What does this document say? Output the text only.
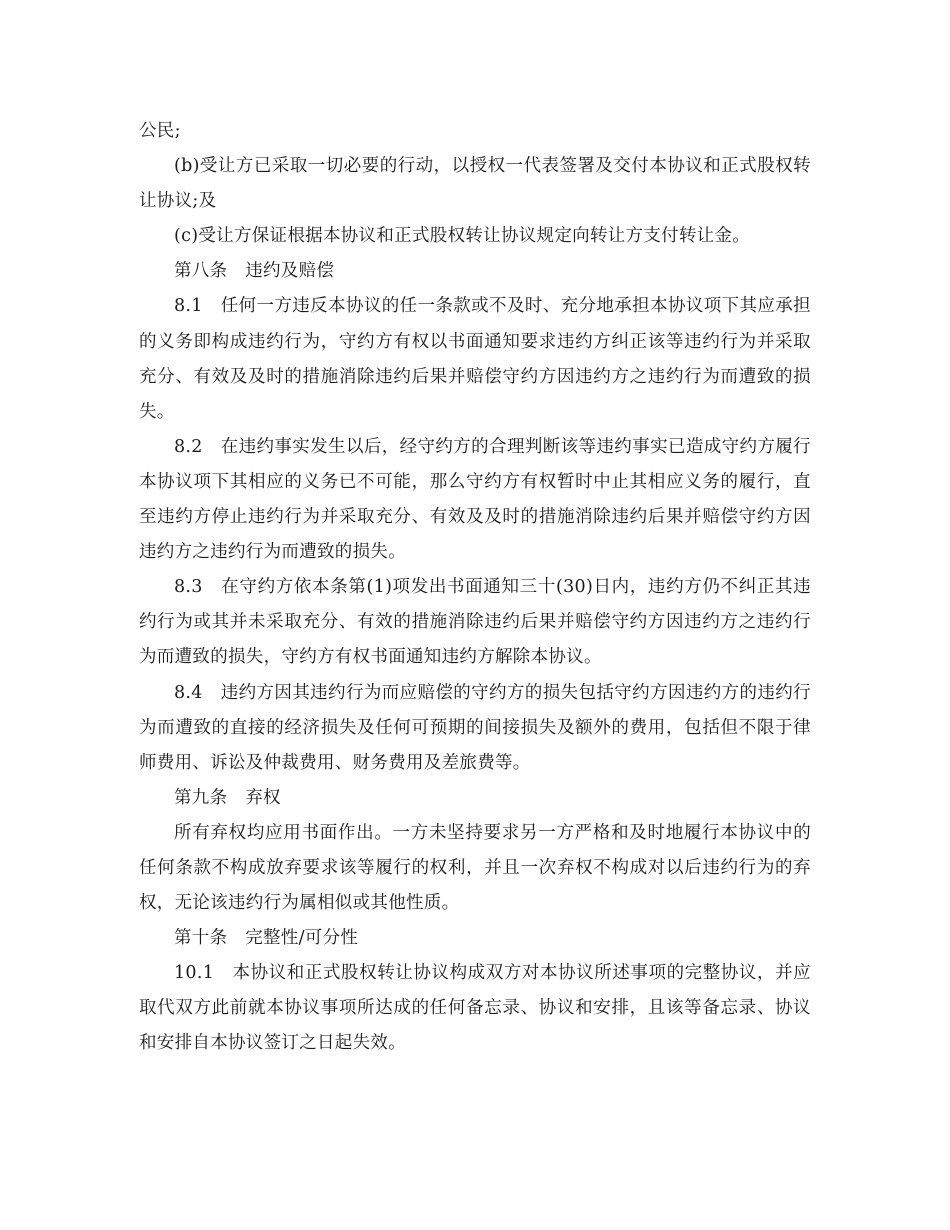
公民;

(b)受让方已采取一切必要的行动，以授权一代表签署及交付本协议和正式股权转让协议;及

(c)受让方保证根据本协议和正式股权转让协议规定向转让方支付转让金。

第八条　违约及赔偿

8.1　 任何一方违反本协议的任一条款或不及时、充分地承担本协议项下其应承担的义务即构成违约行为，守约方有权以书面通知要求违约方纠正该等违约行为并采取充分、有效及及时的措施消除违约后果并赔偿守约方因违约方之违约行为而遭致的损失。

8.2　 在违约事实发生以后，经守约方的合理判断该等违约事实已造成守约方履行本协议项下其相应的义务已不可能，那么守约方有权暂时中止其相应义务的履行，直至违约方停止违约行为并采取充分、有效及及时的措施消除违约后果并赔偿守约方因违约方之违约行为而遭致的损失。

8.3　 在守约方依本条第(1)项发出书面通知三十(30)日内，违约方仍不纠正其违约行为或其并未采取充分、有效的措施消除违约后果并赔偿守约方因违约方之违约行为而遭致的损失，守约方有权书面通知违约方解除本协议。

8.4　 违约方因其违约行为而应赔偿的守约方的损失包括守约方因违约方的违约行为而遭致的直接的经济损失及任何可预期的间接损失及额外的费用，包括但不限于律师费用、诉讼及仲裁费用、财务费用及差旅费等。

第九条　弃权

所有弃权均应用书面作出。一方未坚持要求另一方严格和及时地履行本协议中的任何条款不构成放弃要求该等履行的权利，并且一次弃权不构成对以后违约行为的弃权，无论该违约行为属相似或其他性质。

第十条　完整性/可分性

10.1　 本协议和正式股权转让协议构成双方对本协议所述事项的完整协议，并应取代双方此前就本协议事项所达成的任何备忘录、协议和安排，且该等备忘录、协议和安排自本协议签订之日起失效。
